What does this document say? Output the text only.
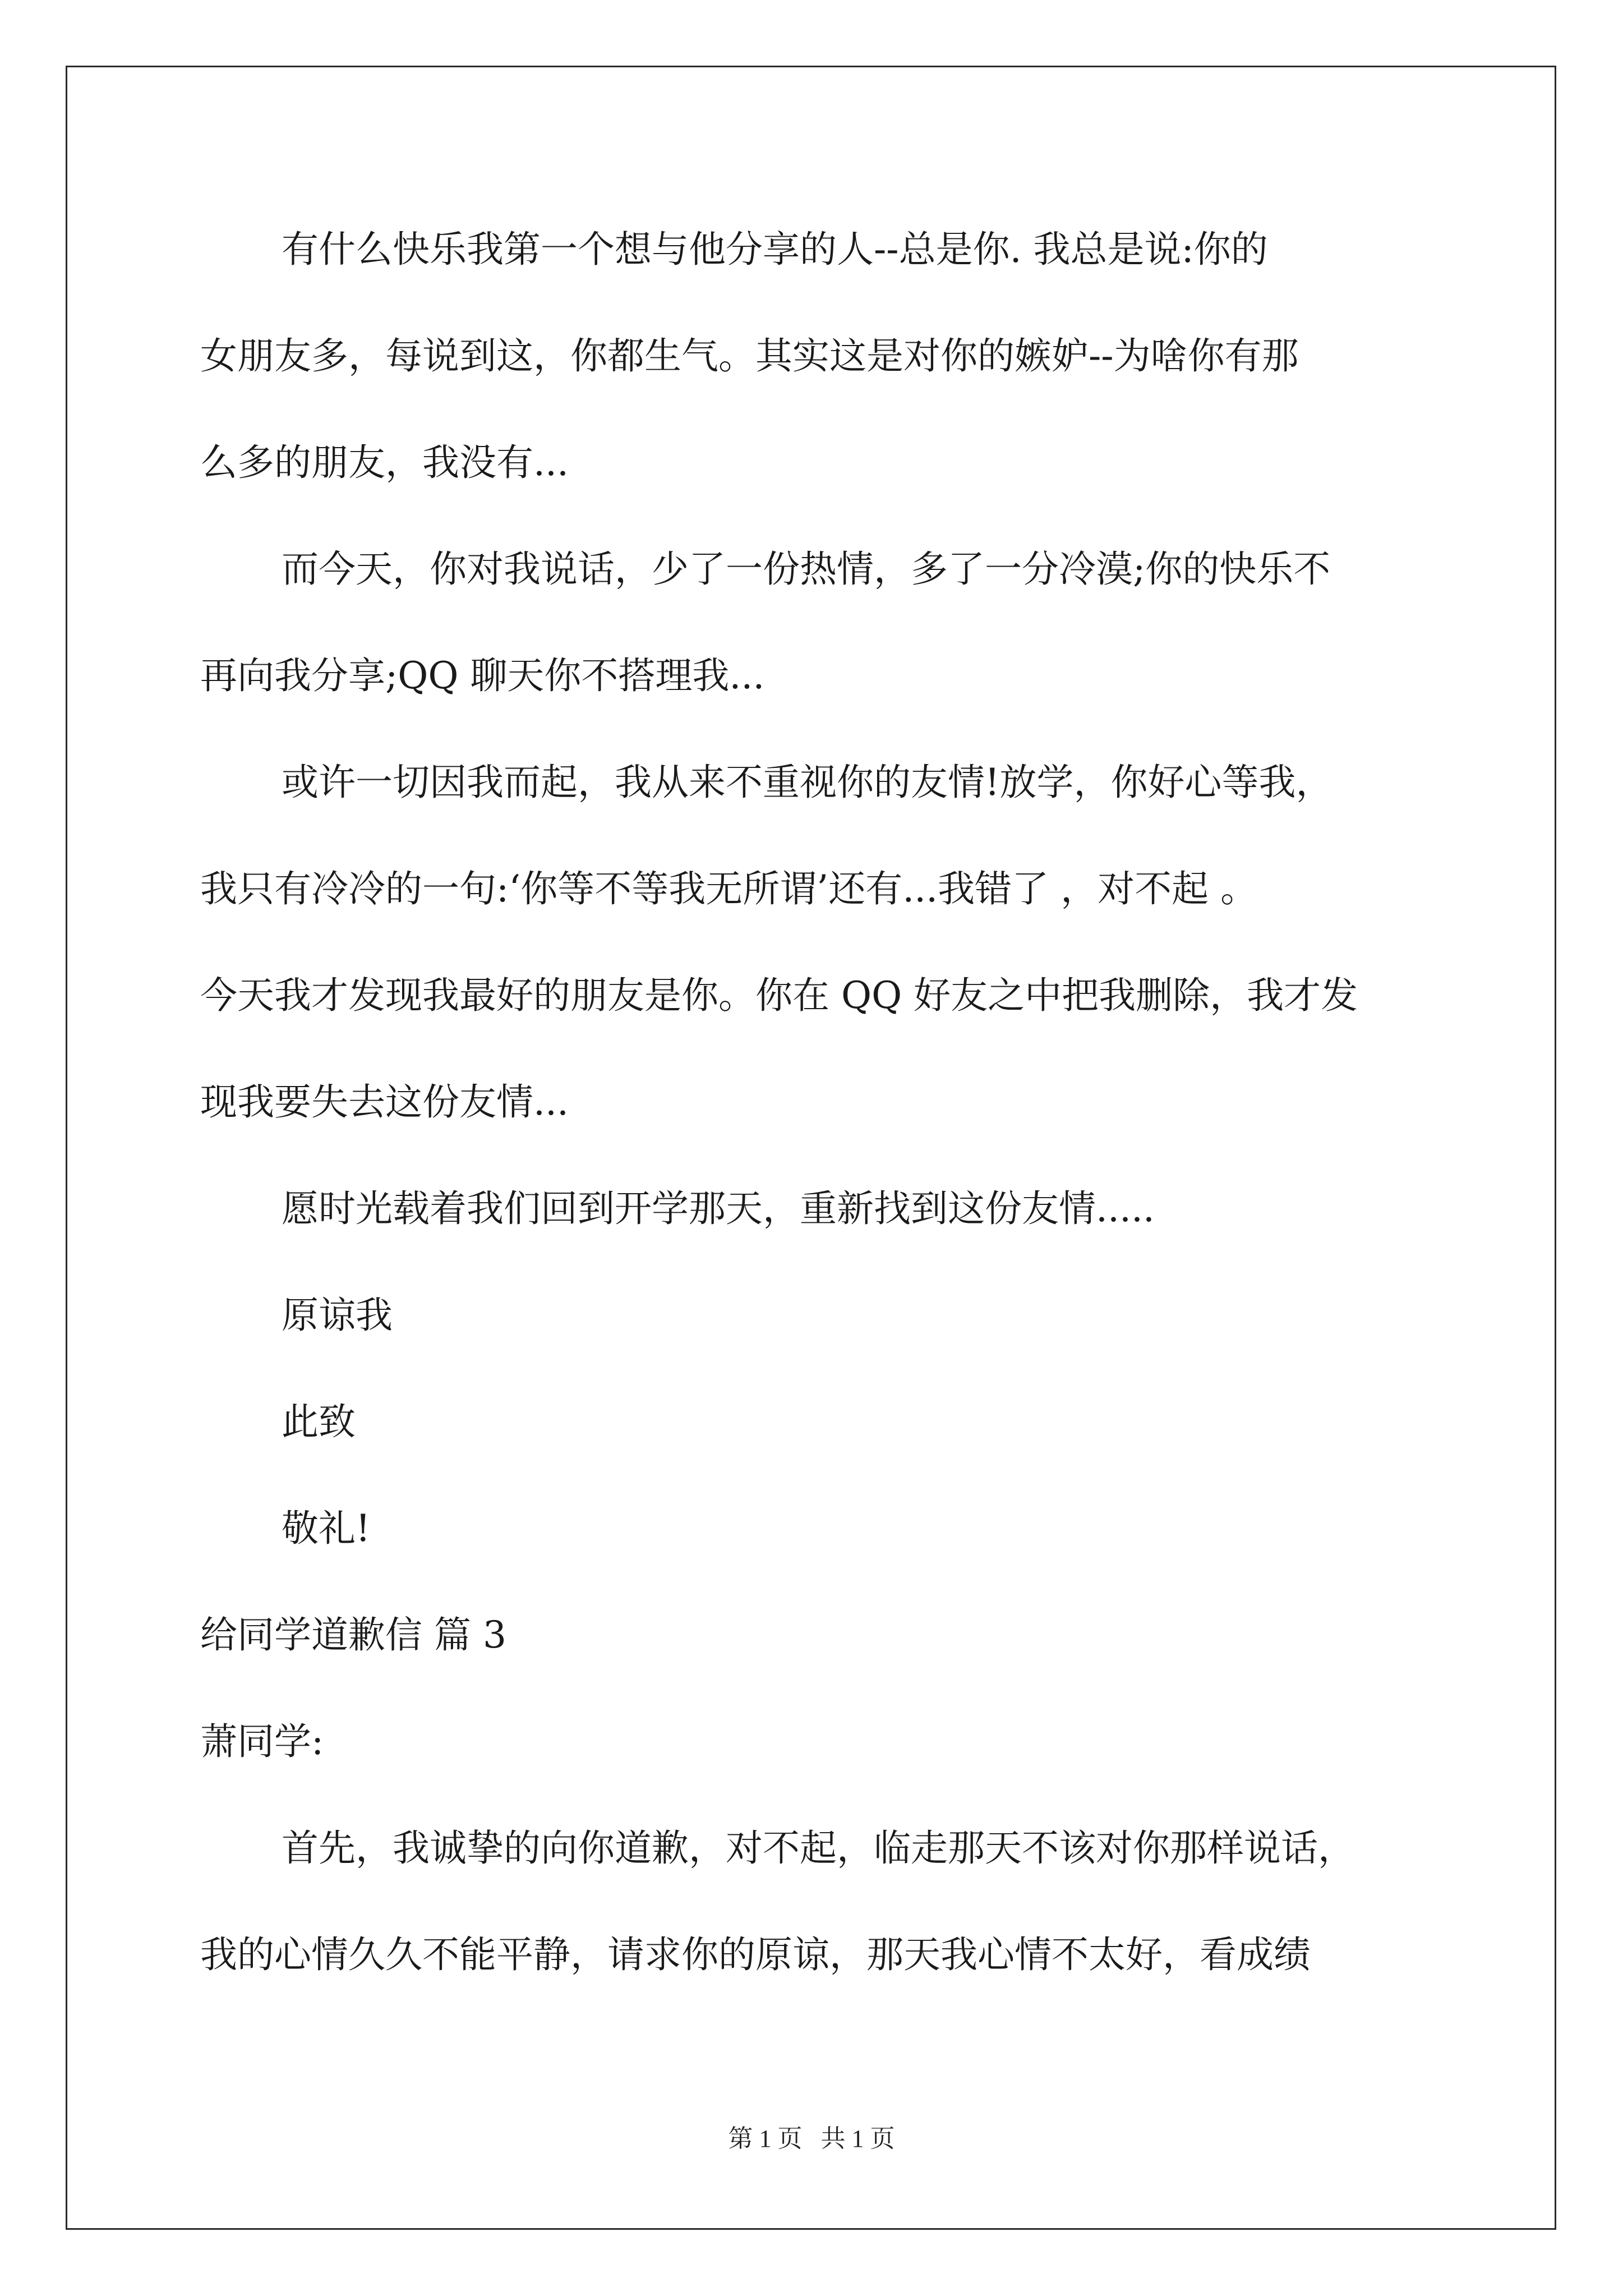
有什么快乐我第一个想与他分享的人--总是你. 我总是说:你的
女朋友多，每说到这，你都生气。其实这是对你的嫉妒--为啥你有那
么多的朋友，我没有...
而今天，你对我说话，少了一份热情，多了一分冷漠;你的快乐不
再向我分享;QQ 聊天你不搭理我...
或许一切因我而起，我从来不重视你的友情!放学，你好心等我，
我只有冷冷的一句:‘你等不等我无所谓’还有...我错了 ，对不起 。
今天我才发现我最好的朋友是你。你在 QQ 好友之中把我删除，我才发
现我要失去这份友情...
愿时光载着我们回到开学那天，重新找到这份友情.....
原谅我
此致
敬礼!
给同学道歉信 篇 3
萧同学:
首先，我诚挚的向你道歉，对不起，临走那天不该对你那样说话，
我的心情久久不能平静，请求你的原谅，那天我心情不太好，看成绩
第 1 页   共 1 页
